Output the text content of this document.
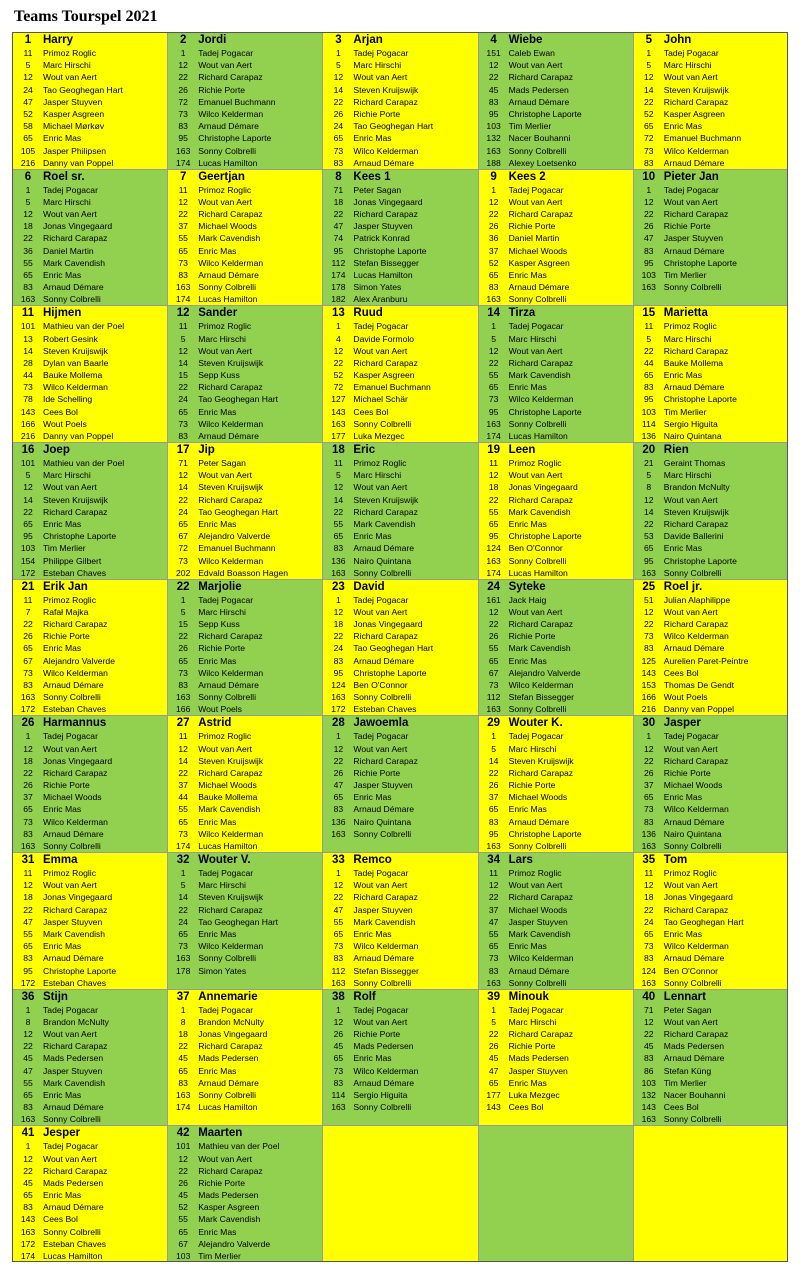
Teams Tourspel 2021
1 Harry
11 Primoz Roglic
5 Marc Hirschi
12 Wout van Aert
24 Tao Geoghegan Hart
47 Jasper Stuyven
52 Kasper Asgreen
58 Michael Mørkøv
65 Enric Mas
105 Jasper Philipsen
216 Danny van Poppel
2 Jordi
1 Tadej Pogacar
12 Wout van Aert
22 Richard Carapaz
26 Richie Porte
72 Emanuel Buchmann
73 Wilco Kelderman
83 Arnaud Démare
95 Christophe Laporte
163 Sonny Colbrelli
174 Lucas Hamilton
3 Arjan
1 Tadej Pogacar
5 Marc Hirschi
12 Wout van Aert
14 Steven Kruijswijk
22 Richard Carapaz
26 Richie Porte
24 Tao Geoghegan Hart
65 Enric Mas
73 Wilco Kelderman
83 Arnaud Démare
4 Wiebe
151 Caleb Ewan
12 Wout van Aert
22 Richard Carapaz
45 Mads Pedersen
83 Arnaud Démare
95 Christophe Laporte
103 Tim Merlier
132 Nacer Bouhanni
163 Sonny Colbrelli
188 Alexey Loetsenko
5 John
1 Tadej Pogacar
5 Marc Hirschi
12 Wout van Aert
14 Steven Kruijswijk
22 Richard Carapaz
52 Kasper Asgreen
65 Enric Mas
72 Emanuel Buchmann
73 Wilco Kelderman
83 Arnaud Démare
6 Roel sr.
1 Tadej Pogacar
5 Marc Hirschi
12 Wout van Aert
18 Jonas Vingegaard
22 Richard Carapaz
36 Daniel Martin
55 Mark Cavendish
65 Enric Mas
83 Arnaud Démare
163 Sonny Colbrelli
7 Geertjan
11 Primoz Roglic
12 Wout van Aert
22 Richard Carapaz
37 Michael Woods
55 Mark Cavendish
65 Enric Mas
73 Wilco Kelderman
83 Arnaud Démare
163 Sonny Colbrelli
174 Lucas Hamilton
8 Kees 1
71 Peter Sagan
18 Jonas Vingegaard
22 Richard Carapaz
47 Jasper Stuyven
74 Patrick Konrad
95 Christophe Laporte
112 Stefan Bissegger
174 Lucas Hamilton
178 Simon Yates
182 Alex Aranburu
9 Kees 2
1 Tadej Pogacar
12 Wout van Aert
22 Richard Carapaz
26 Richie Porte
36 Daniel Martin
37 Michael Woods
52 Kasper Asgreen
65 Enric Mas
83 Arnaud Démare
163 Sonny Colbrelli
10 Pieter Jan
1 Tadej Pogacar
12 Wout van Aert
22 Richard Carapaz
26 Richie Porte
47 Jasper Stuyven
83 Arnaud Démare
95 Christophe Laporte
103 Tim Merlier
163 Sonny Colbrelli
11 Hijmen
101 Mathieu van der Poel
13 Robert Gesink
14 Steven Kruijswijk
28 Dylan van Baarle
44 Bauke Mollema
73 Wilco Kelderman
78 Ide Schelling
143 Cees Bol
166 Wout Poels
216 Danny van Poppel
12 Sander
11 Primoz Roglic
5 Marc Hirschi
12 Wout van Aert
14 Steven Kruijswijk
15 Sepp Kuss
22 Richard Carapaz
24 Tao Geoghegan Hart
65 Enric Mas
73 Wilco Kelderman
83 Arnaud Démare
13 Ruud
1 Tadej Pogacar
4 Davide Formolo
12 Wout van Aert
22 Richard Carapaz
52 Kasper Asgreen
72 Emanuel Buchmann
127 Michael Schär
143 Cees Bol
163 Sonny Colbrelli
177 Luka Mezgec
14 Tirza
1 Tadej Pogacar
5 Marc Hirschi
12 Wout van Aert
22 Richard Carapaz
55 Mark Cavendish
65 Enric Mas
73 Wilco Kelderman
95 Christophe Laporte
163 Sonny Colbrelli
174 Lucas Hamilton
15 Marietta
11 Primoz Roglic
5 Marc Hirschi
22 Richard Carapaz
44 Bauke Mollema
65 Enric Mas
83 Arnaud Démare
95 Christophe Laporte
103 Tim Merlier
114 Sergio Higuita
136 Nairo Quintana
16 Joep
101 Mathieu van der Poel
5 Marc Hirschi
12 Wout van Aert
14 Steven Kruijswijk
22 Richard Carapaz
65 Enric Mas
95 Christophe Laporte
103 Tim Merlier
154 Philippe Gilbert
172 Esteban Chaves
17 Jip
71 Peter Sagan
12 Wout van Aert
14 Steven Kruijswijk
22 Richard Carapaz
24 Tao Geoghegan Hart
65 Enric Mas
67 Alejandro Valverde
72 Emanuel Buchmann
73 Wilco Kelderman
202 Edvald Boasson Hagen
18 Eric
11 Primoz Roglic
5 Marc Hirschi
12 Wout van Aert
14 Steven Kruijswijk
22 Richard Carapaz
55 Mark Cavendish
65 Enric Mas
83 Arnaud Démare
136 Nairo Quintana
163 Sonny Colbrelli
19 Leen
11 Primoz Roglic
12 Wout van Aert
18 Jonas Vingegaard
22 Richard Carapaz
55 Mark Cavendish
65 Enric Mas
95 Christophe Laporte
124 Ben O'Connor
163 Sonny Colbrelli
174 Lucas Hamilton
20 Rien
21 Geraint Thomas
5 Marc Hirschi
8 Brandon McNulty
12 Wout van Aert
14 Steven Kruijswijk
22 Richard Carapaz
53 Davide Ballerini
65 Enric Mas
95 Christophe Laporte
163 Sonny Colbrelli
21 Erik Jan
11 Primoz Roglic
7 Rafał Majka
22 Richard Carapaz
26 Richie Porte
65 Enric Mas
67 Alejandro Valverde
73 Wilco Kelderman
83 Arnaud Démare
163 Sonny Colbrelli
172 Esteban Chaves
22 Marjolie
1 Tadej Pogacar
5 Marc Hirschi
15 Sepp Kuss
22 Richard Carapaz
26 Richie Porte
65 Enric Mas
73 Wilco Kelderman
83 Arnaud Démare
163 Sonny Colbrelli
166 Wout Poels
23 David
1 Tadej Pogacar
12 Wout van Aert
18 Jonas Vingegaard
22 Richard Carapaz
24 Tao Geoghegan Hart
83 Arnaud Démare
95 Christophe Laporte
124 Ben O'Connor
163 Sonny Colbrelli
172 Esteban Chaves
24 Syteke
161 Jack Haig
12 Wout van Aert
22 Richard Carapaz
26 Richie Porte
55 Mark Cavendish
65 Enric Mas
67 Alejandro Valverde
73 Wilco Kelderman
112 Stefan Bissegger
163 Sonny Colbrelli
25 Roel jr.
51 Julian Alaphilippe
12 Wout van Aert
22 Richard Carapaz
73 Wilco Kelderman
83 Arnaud Démare
125 Aurelien Paret-Peintre
143 Cees Bol
153 Thomas De Gendt
166 Wout Poels
216 Danny van Poppel
26 Harmannus
1 Tadej Pogacar
12 Wout van Aert
18 Jonas Vingegaard
22 Richard Carapaz
26 Richie Porte
37 Michael Woods
65 Enric Mas
73 Wilco Kelderman
83 Arnaud Démare
163 Sonny Colbrelli
27 Astrid
11 Primoz Roglic
12 Wout van Aert
14 Steven Kruijswijk
22 Richard Carapaz
37 Michael Woods
44 Bauke Mollema
55 Mark Cavendish
65 Enric Mas
73 Wilco Kelderman
174 Lucas Hamilton
28 Jawoemla
1 Tadej Pogacar
12 Wout van Aert
22 Richard Carapaz
26 Richie Porte
47 Jasper Stuyven
65 Enric Mas
83 Arnaud Démare
136 Nairo Quintana
163 Sonny Colbrelli
29 Wouter K.
1 Tadej Pogacar
5 Marc Hirschi
14 Steven Kruijswijk
22 Richard Carapaz
26 Richie Porte
37 Michael Woods
65 Enric Mas
83 Arnaud Démare
95 Christophe Laporte
163 Sonny Colbrelli
30 Jasper
1 Tadej Pogacar
12 Wout van Aert
22 Richard Carapaz
26 Richie Porte
37 Michael Woods
65 Enric Mas
73 Wilco Kelderman
83 Arnaud Démare
136 Nairo Quintana
163 Sonny Colbrelli
31 Emma
11 Primoz Roglic
12 Wout van Aert
18 Jonas Vingegaard
22 Richard Carapaz
47 Jasper Stuyven
55 Mark Cavendish
65 Enric Mas
83 Arnaud Démare
95 Christophe Laporte
172 Esteban Chaves
32 Wouter V.
1 Tadej Pogacar
5 Marc Hirschi
14 Steven Kruijswijk
22 Richard Carapaz
24 Tao Geoghegan Hart
65 Enric Mas
73 Wilco Kelderman
163 Sonny Colbrelli
178 Simon Yates
33 Remco
1 Tadej Pogacar
12 Wout van Aert
22 Richard Carapaz
47 Jasper Stuyven
55 Mark Cavendish
65 Enric Mas
73 Wilco Kelderman
83 Arnaud Démare
112 Stefan Bissegger
163 Sonny Colbrelli
34 Lars
11 Primoz Roglic
12 Wout van Aert
22 Richard Carapaz
37 Michael Woods
47 Jasper Stuyven
55 Mark Cavendish
65 Enric Mas
73 Wilco Kelderman
83 Arnaud Démare
163 Sonny Colbrelli
35 Tom
11 Primoz Roglic
12 Wout van Aert
18 Jonas Vingegaard
22 Richard Carapaz
24 Tao Geoghegan Hart
65 Enric Mas
73 Wilco Kelderman
83 Arnaud Démare
124 Ben O'Connor
163 Sonny Colbrelli
36 Stijn
1 Tadej Pogacar
8 Brandon McNulty
12 Wout van Aert
22 Richard Carapaz
45 Mads Pedersen
47 Jasper Stuyven
55 Mark Cavendish
65 Enric Mas
83 Arnaud Démare
163 Sonny Colbrelli
37 Annemarie
1 Tadej Pogacar
8 Brandon McNulty
18 Jonas Vingegaard
22 Richard Carapaz
45 Mads Pedersen
65 Enric Mas
83 Arnaud Démare
163 Sonny Colbrelli
174 Lucas Hamilton
38 Rolf
1 Tadej Pogacar
12 Wout van Aert
26 Richie Porte
45 Mads Pedersen
65 Enric Mas
73 Wilco Kelderman
83 Arnaud Démare
114 Sergio Higuita
163 Sonny Colbrelli
39 Minouk
1 Tadej Pogacar
5 Marc Hirschi
22 Richard Carapaz
26 Richie Porte
45 Mads Pedersen
47 Jasper Stuyven
65 Enric Mas
177 Luka Mezgec
143 Cees Bol
40 Lennart
71 Peter Sagan
12 Wout van Aert
22 Richard Carapaz
45 Mads Pedersen
83 Arnaud Démare
86 Stefan Küng
103 Tim Merlier
132 Nacer Bouhanni
143 Cees Bol
163 Sonny Colbrelli
41 Jesper
1 Tadej Pogacar
12 Wout van Aert
22 Richard Carapaz
45 Mads Pedersen
65 Enric Mas
83 Arnaud Démare
143 Cees Bol
163 Sonny Colbrelli
172 Esteban Chaves
174 Lucas Hamilton
42 Maarten
101 Mathieu van der Poel
12 Wout van Aert
22 Richard Carapaz
26 Richie Porte
45 Mads Pedersen
52 Kasper Asgreen
55 Mark Cavendish
65 Enric Mas
67 Alejandro Valverde
103 Tim Merlier
